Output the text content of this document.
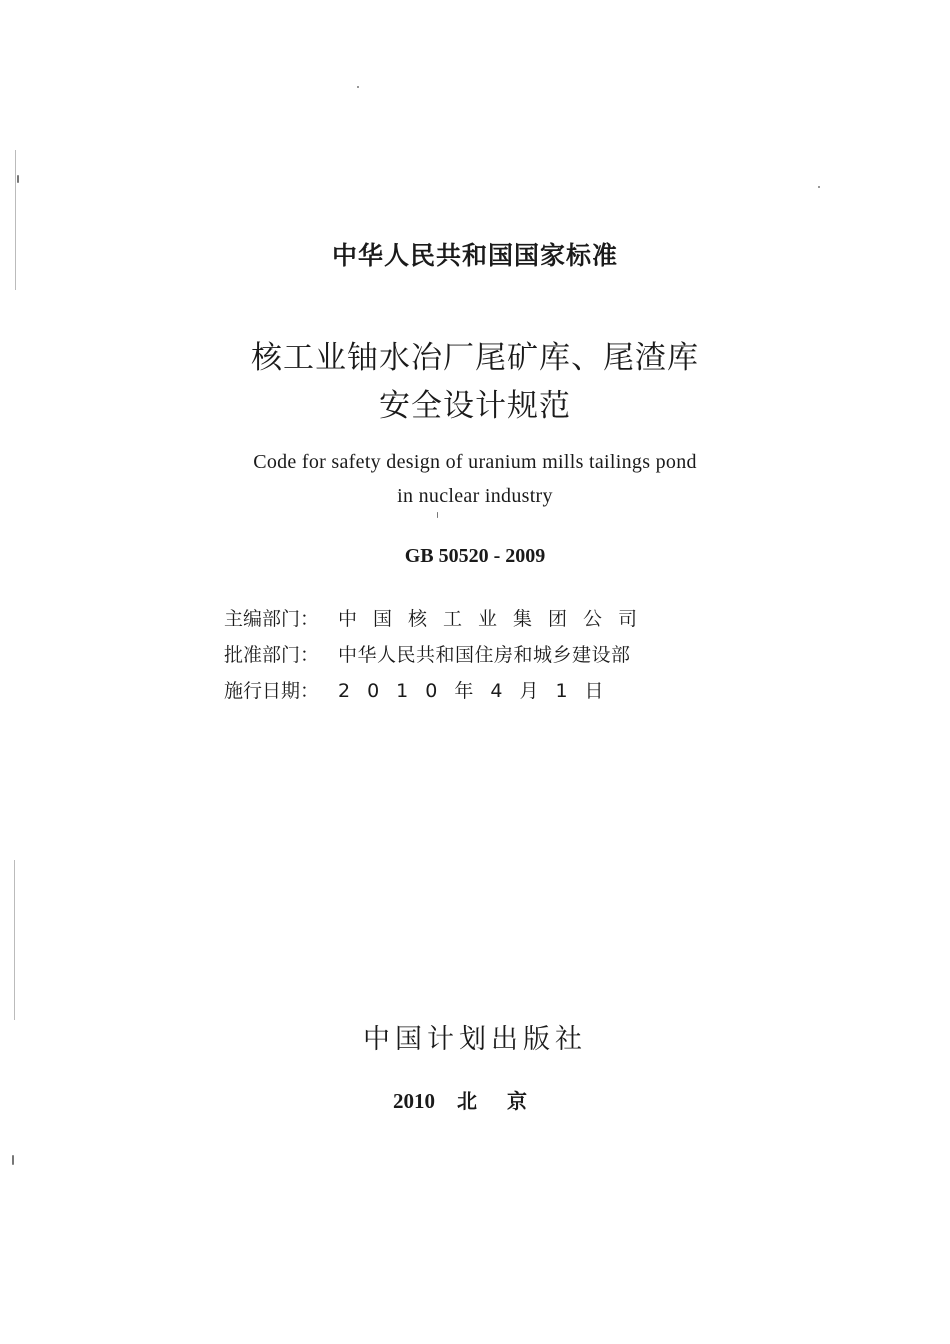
中华人民共和国国家标准
核工业铀水冶厂尾矿库、尾渣库
安全设计规范
Code for safety design of uranium mills tailings pond
in nuclear industry
GB 50520 - 2009
主编部门： 中国核工业集团公司
批准部门： 中华人民共和国住房和城乡建设部
施行日期： 2010年4月1日
中国计划出版社
2010 北京
